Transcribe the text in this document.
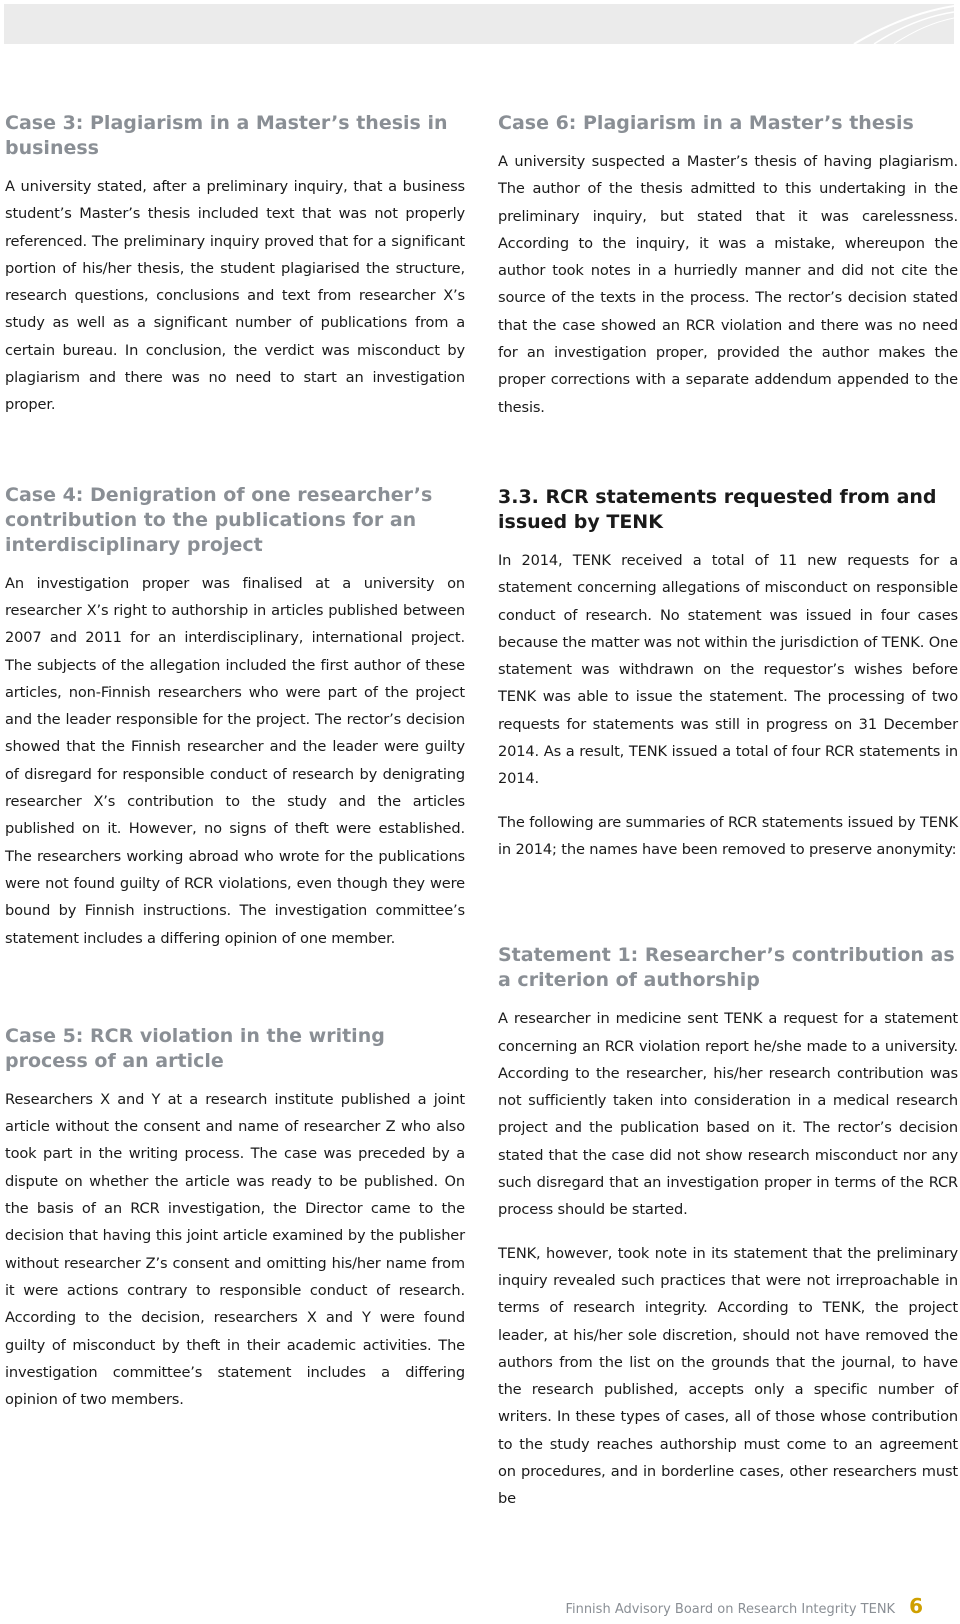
Case 3: Plagiarism in a Master’s thesis in business

A university stated, after a preliminary inquiry, that a business student’s Master’s thesis included text that was not properly referenced. The preliminary inquiry proved that for a significant portion of his/her thesis, the student plagiarised the structure, research questions, conclusions and text from researcher X’s study as well as a significant number of publications from a certain bureau. In conclusion, the verdict was misconduct by plagiarism and there was no need to start an investigation proper.

Case 4: Denigration of one researcher’s contribution to the publications for an interdisciplinary project

An investigation proper was finalised at a university on researcher X’s right to authorship in articles published between 2007 and 2011 for an interdisciplinary, international project. The subjects of the allegation included the first author of these articles, non-Finnish researchers who were part of the project and the leader responsible for the project. The rector’s decision showed that the Finnish researcher and the leader were guilty of disregard for responsible conduct of research by denigrating researcher X’s contribution to the study and the articles published on it. However, no signs of theft were established. The researchers working abroad who wrote for the publications were not found guilty of RCR violations, even though they were bound by Finnish instructions. The investigation committee’s statement includes a differing opinion of one member.

Case 5: RCR violation in the writing process of an article

Researchers X and Y at a research institute published a joint article without the consent and name of researcher Z who also took part in the writing process. The case was preceded by a dispute on whether the article was ready to be published. On the basis of an RCR investigation, the Director came to the decision that having this joint article examined by the publisher without researcher Z’s consent and omitting his/her name from it were actions contrary to responsible conduct of research. According to the decision, researchers X and Y were found guilty of misconduct by theft in their academic activities. The investigation committee’s statement includes a differing opinion of two members.

Case 6: Plagiarism in a Master’s thesis

A university suspected a Master’s thesis of having plagiarism. The author of the thesis admitted to this undertaking in the preliminary inquiry, but stated that it was carelessness. According to the inquiry, it was a mistake, whereupon the author took notes in a hurriedly manner and did not cite the source of the texts in the process. The rector’s decision stated that the case showed an RCR violation and there was no need for an investigation proper, provided the author makes the proper corrections with a separate addendum appended to the thesis.

3.3. RCR statements requested from and issued by TENK

In 2014, TENK received a total of 11 new requests for a statement concerning allegations of misconduct on responsible conduct of research. No statement was issued in four cases because the matter was not within the jurisdiction of TENK. One statement was withdrawn on the requestor’s wishes before TENK was able to issue the statement. The processing of two requests for statements was still in progress on 31 December 2014. As a result, TENK issued a total of four RCR statements in 2014.

The following are summaries of RCR statements issued by TENK in 2014; the names have been removed to preserve anonymity:

Statement 1: Researcher’s contribution as a criterion of authorship

A researcher in medicine sent TENK a request for a statement concerning an RCR violation report he/she made to a university. According to the researcher, his/her research contribution was not sufficiently taken into consideration in a medical research project and the publication based on it. The rector’s decision stated that the case did not show research misconduct nor any such disregard that an investigation proper in terms of the RCR process should be started.

TENK, however, took note in its statement that the preliminary inquiry revealed such practices that were not irreproachable in terms of research integrity. According to TENK, the project leader, at his/her sole discretion, should not have removed the authors from the list on the grounds that the journal, to have the research published, accepts only a specific number of writers. In these types of cases, all of those whose contribution to the study reaches authorship must come to an agreement on procedures, and in borderline cases, other researchers must be

Finnish Advisory Board on Research Integrity TENK 6
